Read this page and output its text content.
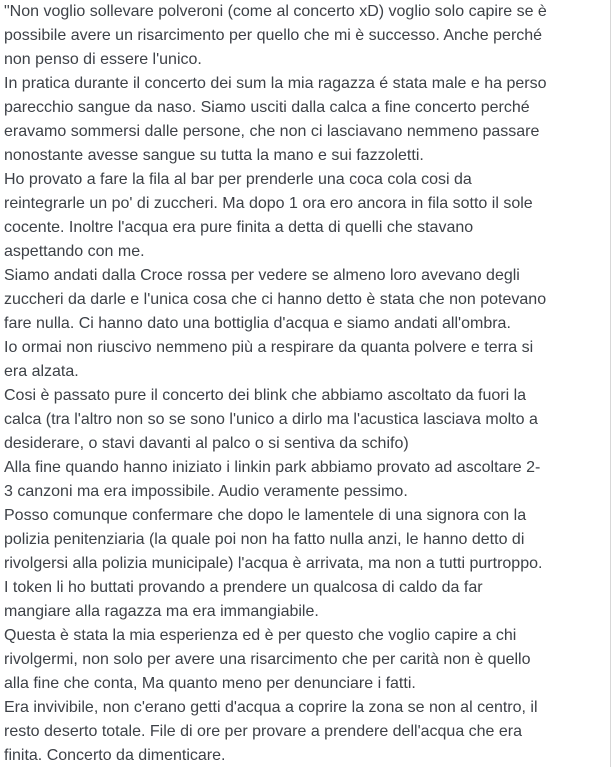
"Non voglio sollevare polveroni (come al concerto xD) voglio solo capire se è
possibile avere un risarcimento per quello che mi è successo. Anche perché
non penso di essere l'unico.
In pratica durante il concerto dei sum la mia ragazza é stata male e ha perso
parecchio sangue da naso. Siamo usciti dalla calca a fine concerto perché
eravamo sommersi dalle persone, che non ci lasciavano nemmeno passare
nonostante avesse sangue su tutta la mano e sui fazzoletti.
Ho provato a fare la fila al bar per prenderle una coca cola cosi da
reintegrarle un po' di zuccheri. Ma dopo 1 ora ero ancora in fila sotto il sole
cocente. Inoltre l'acqua era pure finita a detta di quelli che stavano
aspettando con me.
Siamo andati dalla Croce rossa per vedere se almeno loro avevano degli
zuccheri da darle e l'unica cosa che ci hanno detto è stata che non potevano
fare nulla. Ci hanno dato una bottiglia d'acqua e siamo andati all'ombra.
Io ormai non riuscivo nemmeno più a respirare da quanta polvere e terra si
era alzata.
Cosi è passato pure il concerto dei blink che abbiamo ascoltato da fuori la
calca (tra l'altro non so se sono l'unico a dirlo ma l'acustica lasciava molto a
desiderare, o stavi davanti al palco o si sentiva da schifo)
Alla fine quando hanno iniziato i linkin park abbiamo provato ad ascoltare 2-
3 canzoni ma era impossibile. Audio veramente pessimo.
Posso comunque confermare che dopo le lamentele di una signora con la
polizia penitenziaria (la quale poi non ha fatto nulla anzi, le hanno detto di
rivolgersi alla polizia municipale) l'acqua è arrivata, ma non a tutti purtroppo.
I token li ho buttati provando a prendere un qualcosa di caldo da far
mangiare alla ragazza ma era immangiabile.
Questa è stata la mia esperienza ed è per questo che voglio capire a chi
rivolgermi, non solo per avere una risarcimento che per carità non è quello
alla fine che conta, Ma quanto meno per denunciare i fatti.
Era invivibile, non c'erano getti d'acqua a coprire la zona se non al centro, il
resto deserto totale. File di ore per provare a prendere dell'acqua che era
finita. Concerto da dimenticare.
